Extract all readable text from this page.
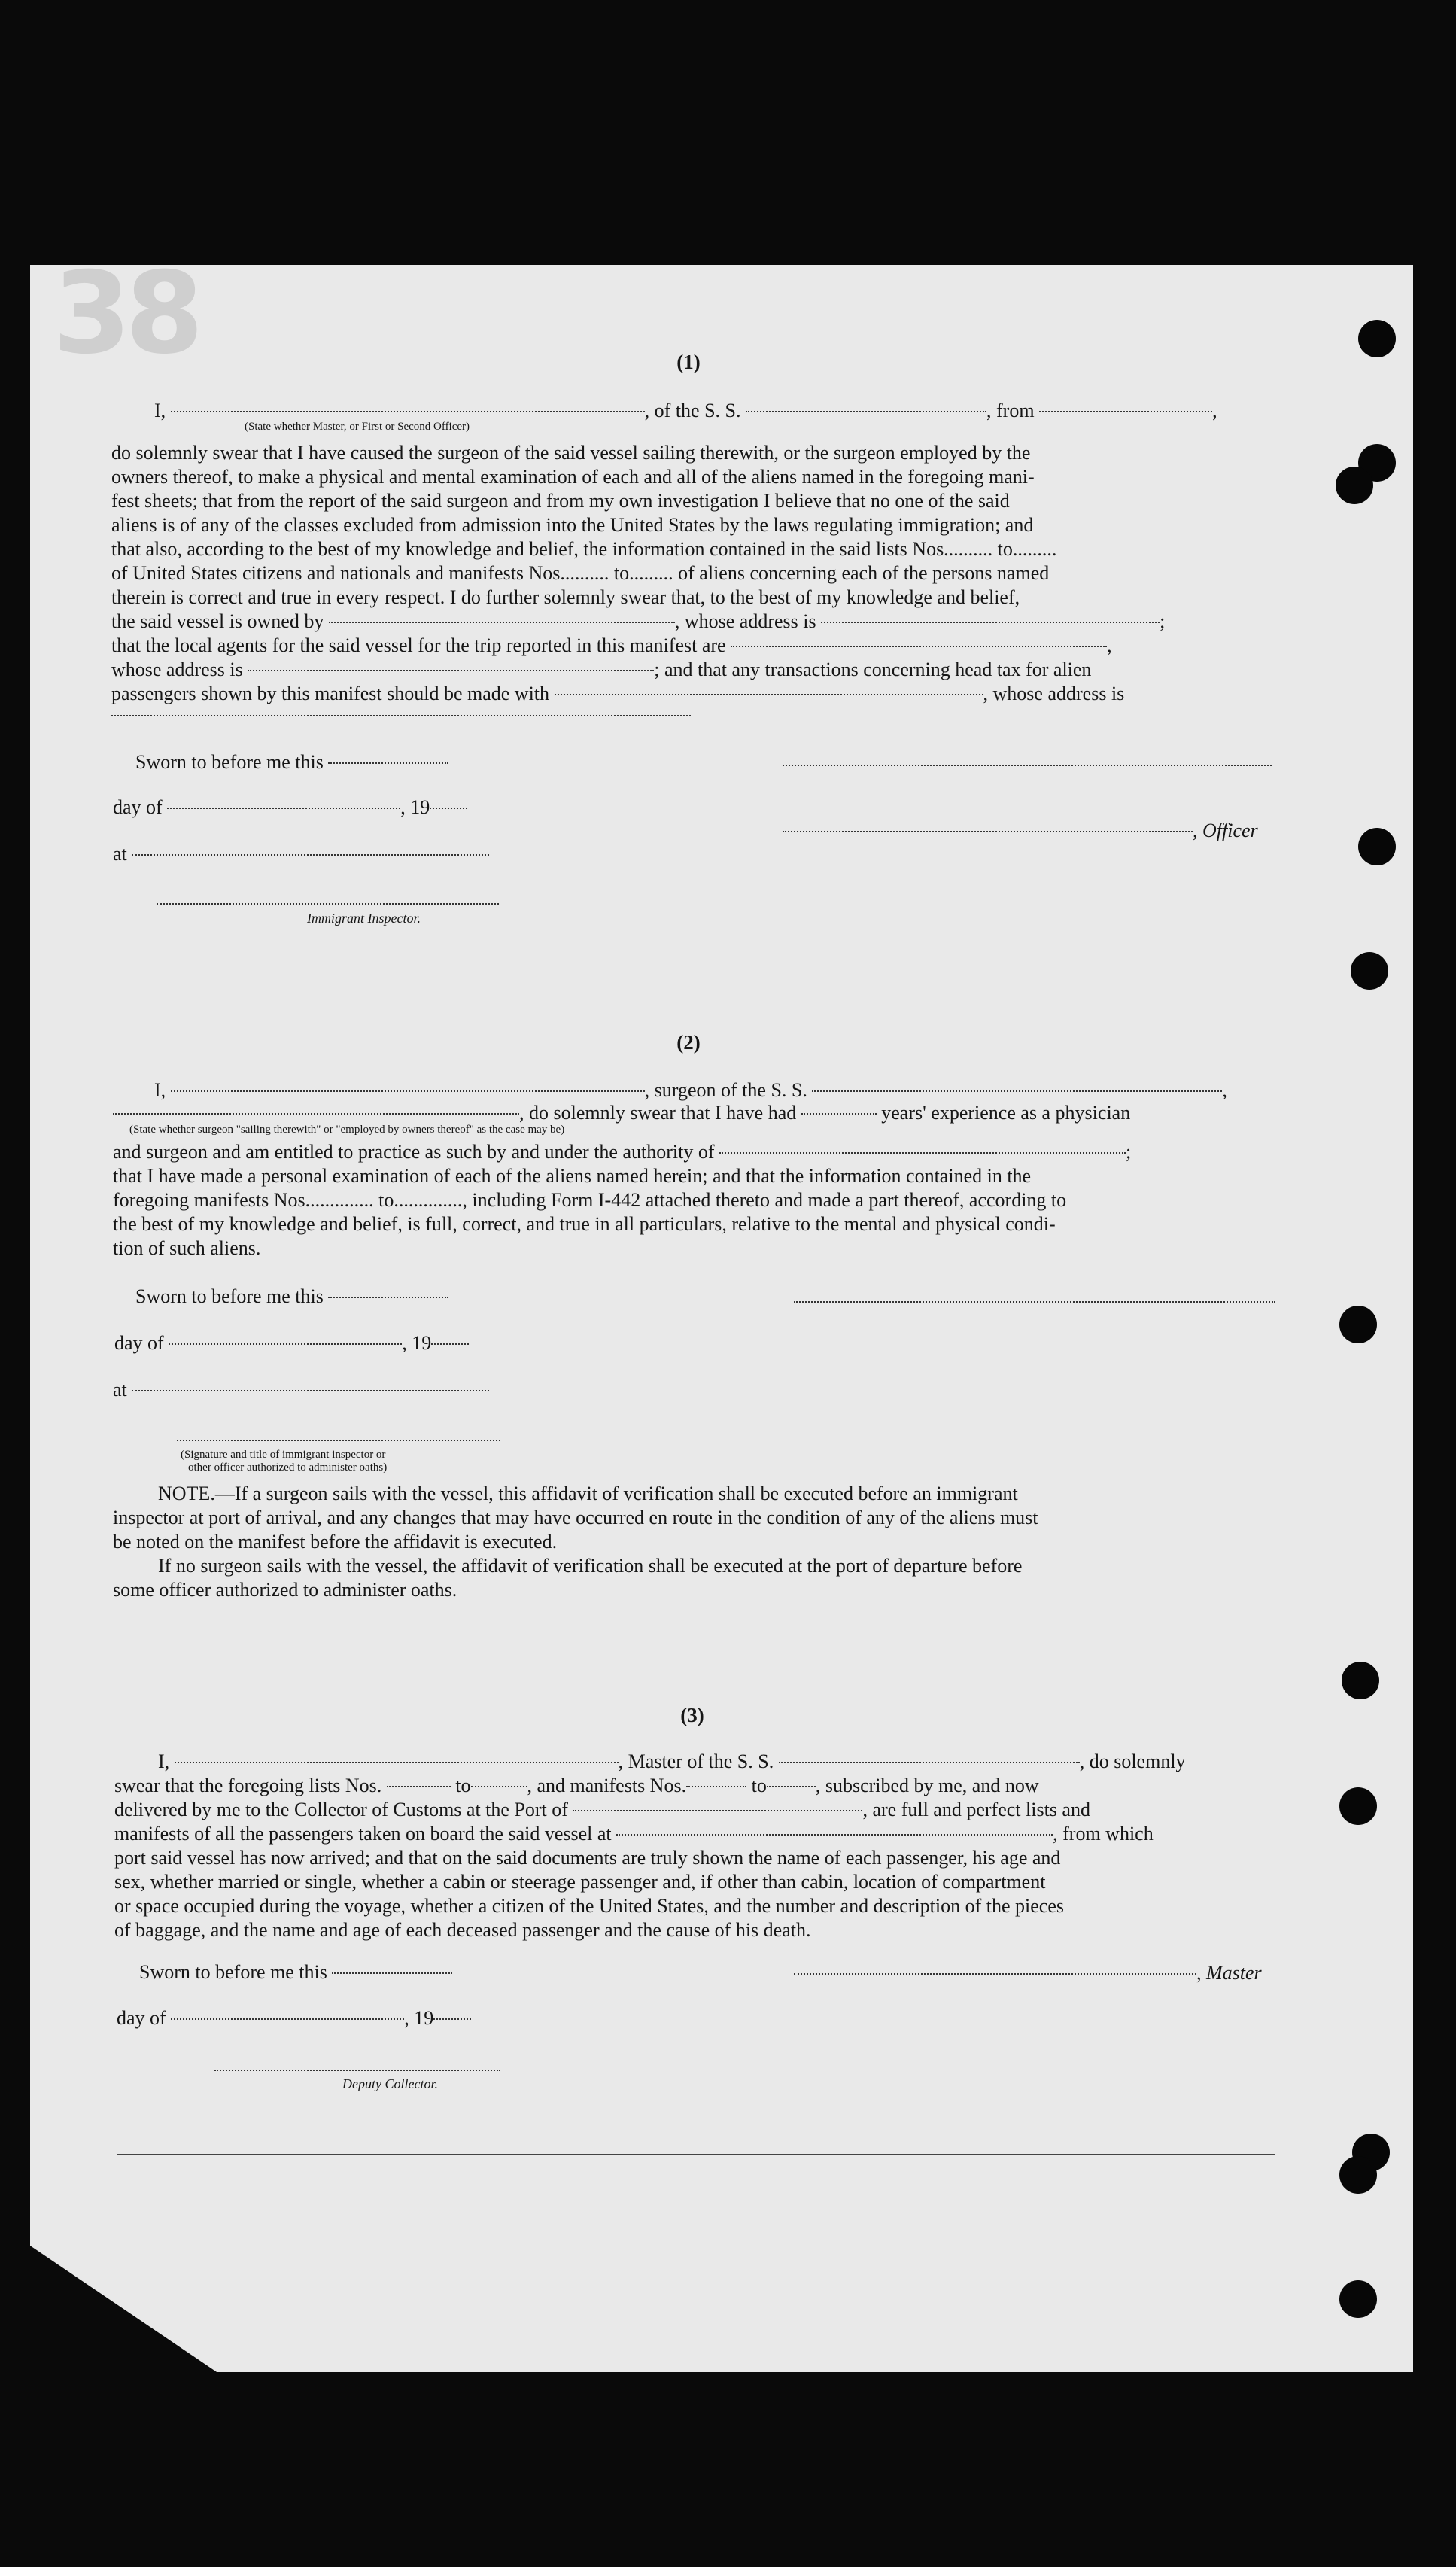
38	(1)
I,	, of the S. S.	, from	,
(State whether Master, or First or Second Officer)
do solemnly swear that I have caused the surgeon of the said vessel sailing therewith, or the surgeon employed by the
owners thereof, to make a physical and mental examination of each and all of the aliens named in the foregoing mani-
fest sheets; that from the report of the said surgeon and from my own investigation I believe that no one of the said
aliens is of any of the classes excluded from admission into the United States by the laws regulating immigration; and
that also, according to the best of my knowledge and belief, the information contained in the said lists Nos.......... to.........
of United States citizens and nationals and manifests Nos.......... to......... of aliens concerning each of the persons named
therein is correct and true in every respect. I do further solemnly swear that, to the best of my knowledge and belief,
the said vessel is owned by	, whose address is	;
that the local agents for the said vessel for the trip reported in this manifest are	,
whose address is	; and that any transactions concerning head tax for alien
passengers shown by this manifest should be made with	, whose address is
Sworn to before me this
day of	, 19
, Officer
at
Immigrant Inspector.
(2)
I,	, surgeon of the S. S.	,
, do solemnly swear that I have had	years' experience as a physician
(State whether surgeon "sailing therewith" or "employed by owners thereof" as the case may be)
and surgeon and am entitled to practice as such by and under the authority of	;
that I have made a personal examination of each of the aliens named herein; and that the information contained in the
foregoing manifests Nos.............. to.............., including Form I-442 attached thereto and made a part thereof, according to
the best of my knowledge and belief, is full, correct, and true in all particulars, relative to the mental and physical condi-
tion of such aliens.
Sworn to before me this
day of	, 19
at
(Signature and title of immigrant inspector or
other officer authorized to administer oaths)
NOTE.—If a surgeon sails with the vessel, this affidavit of verification shall be executed before an immigrant
inspector at port of arrival, and any changes that may have occurred en route in the condition of any of the aliens must
be noted on the manifest before the affidavit is executed.
If no surgeon sails with the vessel, the affidavit of verification shall be executed at the port of departure before
some officer authorized to administer oaths.
(3)
I,	, Master of the S. S.	, do solemnly
swear that the foregoing lists Nos.	to	, and manifests Nos.	to	, subscribed by me, and now
delivered by me to the Collector of Customs at the Port of	, are full and perfect lists and
manifests of all the passengers taken on board the said vessel at	, from which
port said vessel has now arrived; and that on the said documents are truly shown the name of each passenger, his age and
sex, whether married or single, whether a cabin or steerage passenger and, if other than cabin, location of compartment
or space occupied during the voyage, whether a citizen of the United States, and the number and description of the pieces
of baggage, and the name and age of each deceased passenger and the cause of his death.
Sworn to before me this	, Master
day of	, 19
Deputy Collector.
